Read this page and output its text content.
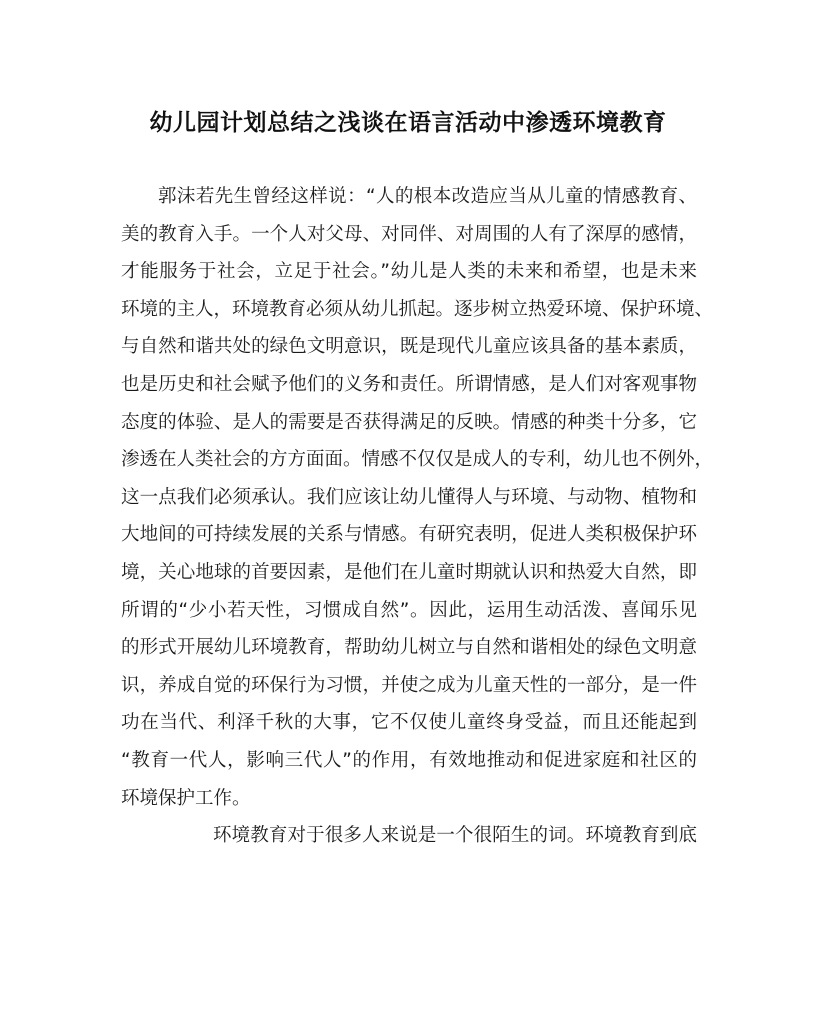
幼儿园计划总结之浅谈在语言活动中渗透环境教育
郭沫若先生曾经这样说：“人的根本改造应当从儿童的情感教育、
美的教育入手。一个人对父母、对同伴、对周围的人有了深厚的感情，
才能服务于社会，立足于社会。”幼儿是人类的未来和希望，也是未来
环境的主人，环境教育必须从幼儿抓起。逐步树立热爱环境、保护环境、
与自然和谐共处的绿色文明意识，既是现代儿童应该具备的基本素质，
也是历史和社会赋予他们的义务和责任。所谓情感，是人们对客观事物
态度的体验、是人的需要是否获得满足的反映。情感的种类十分多，它
渗透在人类社会的方方面面。情感不仅仅是成人的专利，幼儿也不例外，
这一点我们必须承认。我们应该让幼儿懂得人与环境、与动物、植物和
大地间的可持续发展的关系与情感。有研究表明，促进人类积极保护环
境，关心地球的首要因素，是他们在儿童时期就认识和热爱大自然，即
所谓的“少小若天性，习惯成自然”。因此，运用生动活泼、喜闻乐见
的形式开展幼儿环境教育，帮助幼儿树立与自然和谐相处的绿色文明意
识，养成自觉的环保行为习惯，并使之成为儿童天性的一部分，是一件
功在当代、利泽千秋的大事，它不仅使儿童终身受益，而且还能起到
“教育一代人，影响三代人”的作用，有效地推动和促进家庭和社区的
环境保护工作。
环境教育对于很多人来说是一个很陌生的词。环境教育到底
